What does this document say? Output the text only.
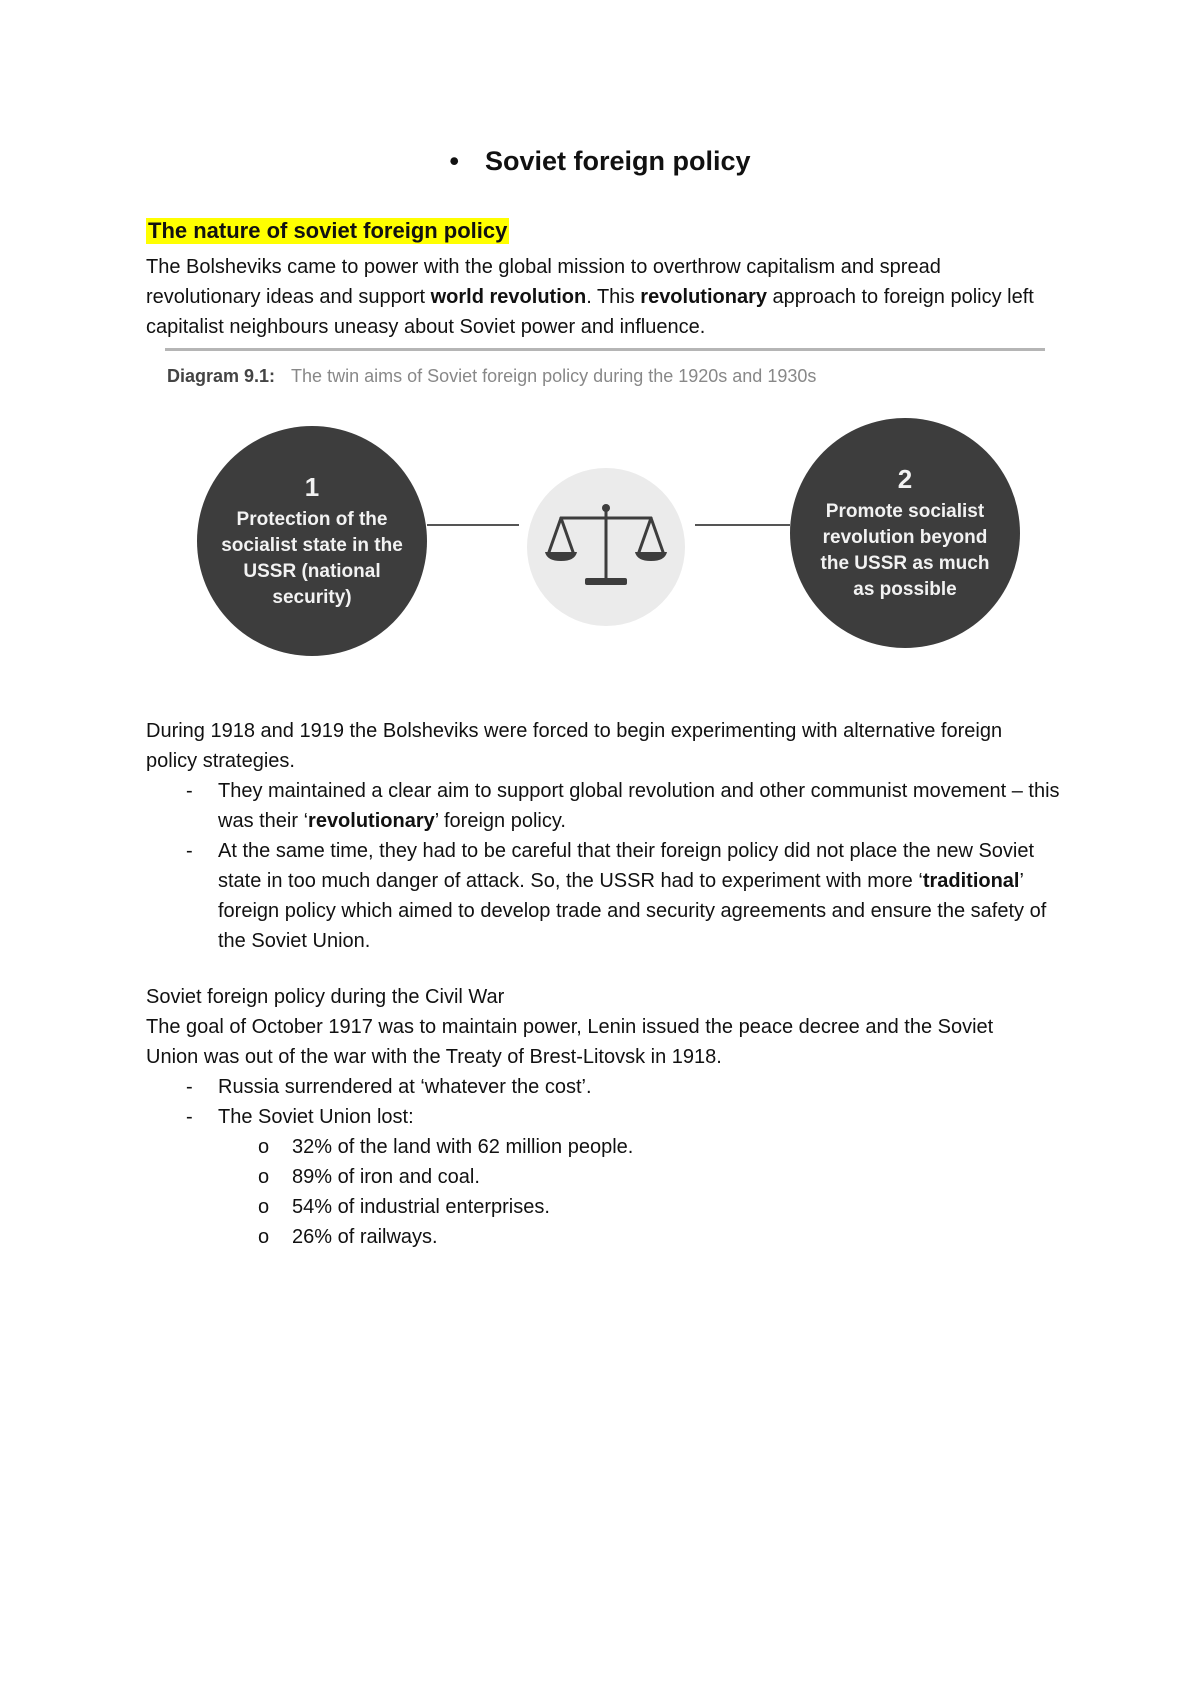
• Soviet foreign policy
The nature of soviet foreign policy
The Bolsheviks came to power with the global mission to overthrow capitalism and spread revolutionary ideas and support world revolution. This revolutionary approach to foreign policy left capitalist neighbours uneasy about Soviet power and influence.
Diagram 9.1: The twin aims of Soviet foreign policy during the 1920s and 1930s
1
Protection of the socialist state in the USSR (national security)
2
Promote socialist revolution beyond the USSR as much as possible
During 1918 and 1919 the Bolsheviks were forced to begin experimenting with alternative foreign policy strategies.
- They maintained a clear aim to support global revolution and other communist movement – this was their ‘revolutionary’ foreign policy.
- At the same time, they had to be careful that their foreign policy did not place the new Soviet state in too much danger of attack. So, the USSR had to experiment with more ‘traditional’ foreign policy which aimed to develop trade and security agreements and ensure the safety of the Soviet Union.
Soviet foreign policy during the Civil War
The goal of October 1917 was to maintain power, Lenin issued the peace decree and the Soviet Union was out of the war with the Treaty of Brest-Litovsk in 1918.
- Russia surrendered at ‘whatever the cost’.
- The Soviet Union lost:
o 32% of the land with 62 million people.
o 89% of iron and coal.
o 54% of industrial enterprises.
o 26% of railways.
